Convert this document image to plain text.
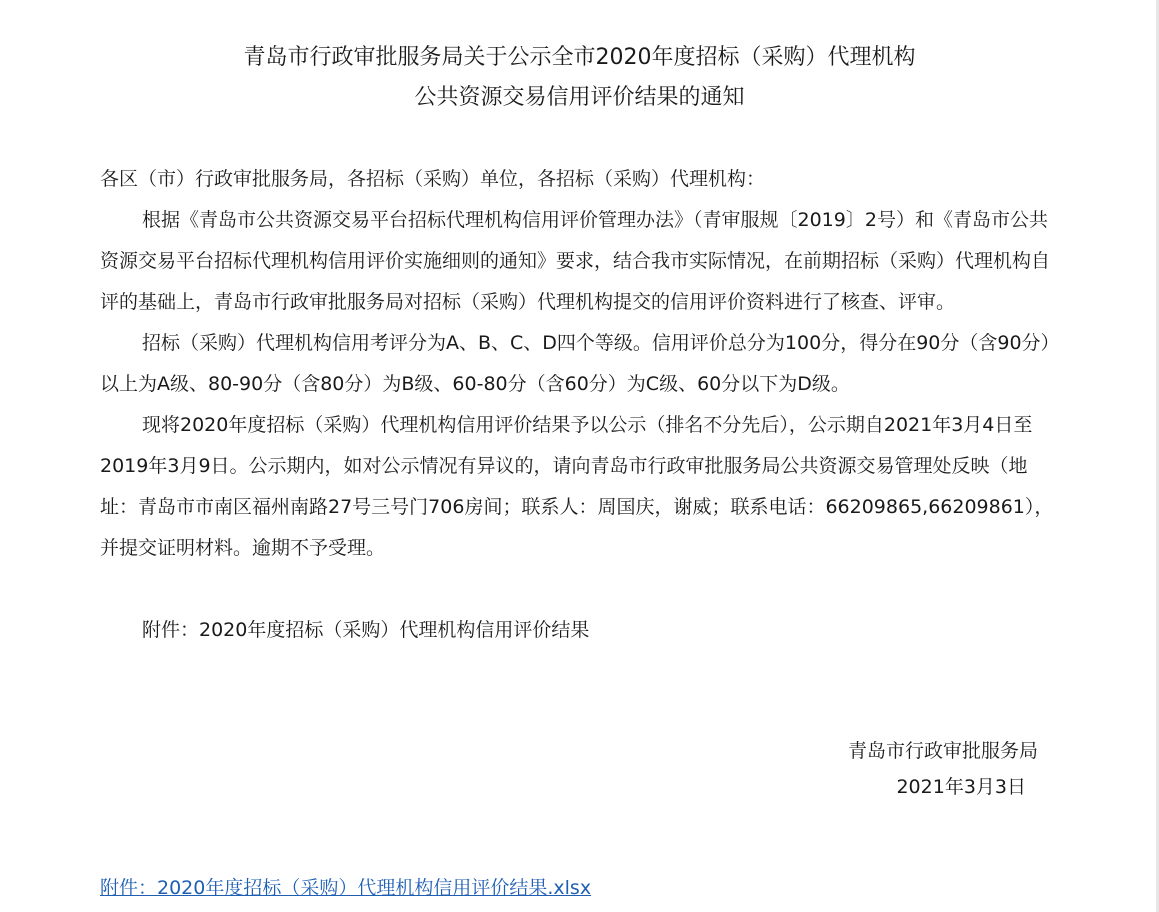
青岛市行政审批服务局关于公示全市2020年度招标（采购）代理机构
公共资源交易信用评价结果的通知

各区（市）行政审批服务局，各招标（采购）单位，各招标（采购）代理机构：

根据《青岛市公共资源交易平台招标代理机构信用评价管理办法》（青审服规〔2019〕2号）和《青岛市公共资源交易平台招标代理机构信用评价实施细则的通知》要求，结合我市实际情况，在前期招标（采购）代理机构自评的基础上，青岛市行政审批服务局对招标（采购）代理机构提交的信用评价资料进行了核查、评审。

招标（采购）代理机构信用考评分为A、B、C、D四个等级。信用评价总分为100分，得分在90分（含90分）以上为A级、80-90分（含80分）为B级、60-80分（含60分）为C级、60分以下为D级。

现将2020年度招标（采购）代理机构信用评价结果予以公示（排名不分先后），公示期自2021年3月4日至2019年3月9日。公示期内，如对公示情况有异议的，请向青岛市行政审批服务局公共资源交易管理处反映（地址：青岛市市南区福州南路27号三号门706房间；联系人：周国庆，谢威；联系电话：66209865,66209861），并提交证明材料。逾期不予受理。

附件：2020年度招标（采购）代理机构信用评价结果

青岛市行政审批服务局
2021年3月3日
附件：2020年度招标（采购）代理机构信用评价结果.xlsx
